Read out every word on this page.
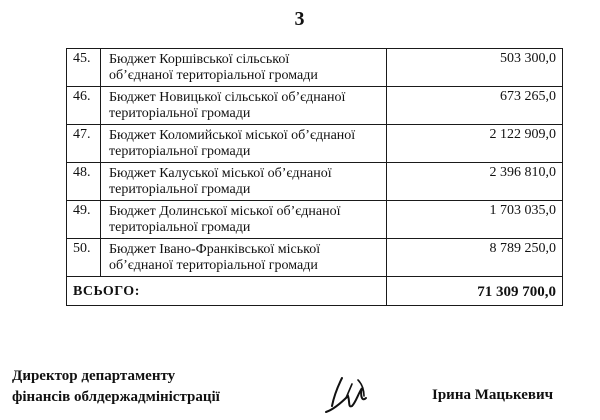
3
45.	Бюджет Коршівської сільської
об’єднаної територіальної громади	503 300,0
46.	Бюджет Новицької сільської об’єднаної
територіальної громади	673 265,0
47.	Бюджет Коломийської міської об’єднаної
територіальної громади	2 122 909,0
48.	Бюджет Калуської міської об’єднаної
територіальної громади	2 396 810,0
49.	Бюджет Долинської міської об’єднаної
територіальної громади	1 703 035,0
50.	Бюджет Івано-Франківської міської
об’єднаної територіальної громади	8 789 250,0
ВСЬОГО:		71 309 700,0
Директор департаменту
фінансів облдержадміністрації	Ірина Мацькевич
